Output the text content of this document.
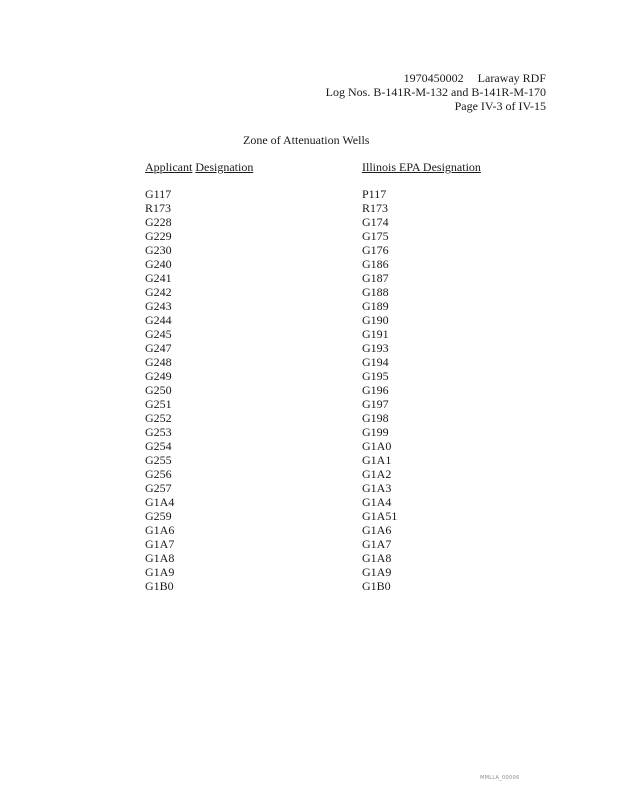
1970450002 Laraway RDF
Log Nos. B-141R-M-132 and B-141R-M-170
Page IV-3 of IV-15
Zone of Attenuation Wells
Applicant Designation
G117
R173
G228
G229
G230
G240
G241
G242
G243
G244
G245
G247
G248
G249
G250
G251
G252
G253
G254
G255
G256
G257
G1A4
G259
G1A6
G1A7
G1A8
G1A9
G1B0
Illinois EPA Designation
P117
R173
G174
G175
G176
G186
G187
G188
G189
G190
G191
G193
G194
G195
G196
G197
G198
G199
G1A0
G1A1
G1A2
G1A3
G1A4
G1A51
G1A6
G1A7
G1A8
G1A9
G1B0
MMLLA_00006
